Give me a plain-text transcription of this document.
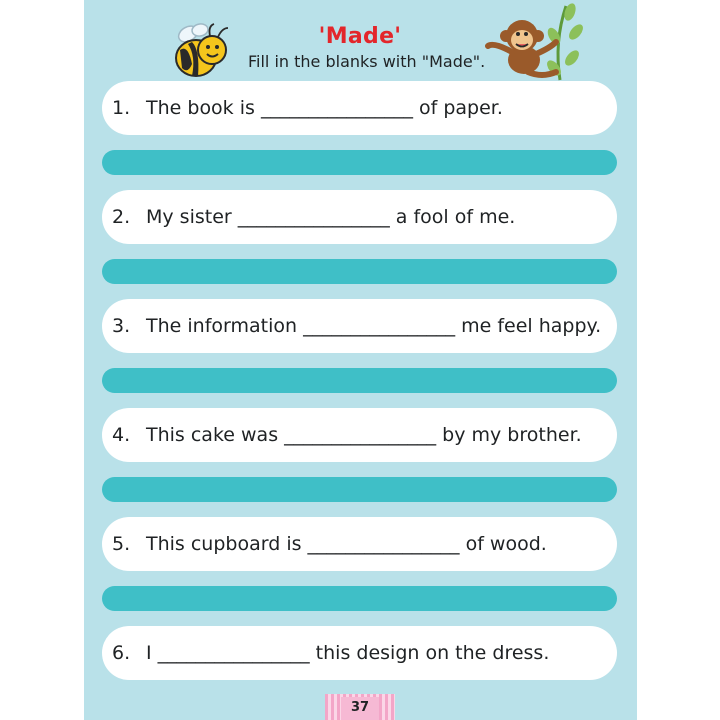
'Made'
Fill in the blanks with "Made".
1. The book is ________________ of paper.
2. My sister ________________ a fool of me.
3. The information ________________ me feel happy.
4. This cake was ________________ by my brother.
5. This cupboard is ________________ of wood.
6. I ________________ this design on the dress.
37
